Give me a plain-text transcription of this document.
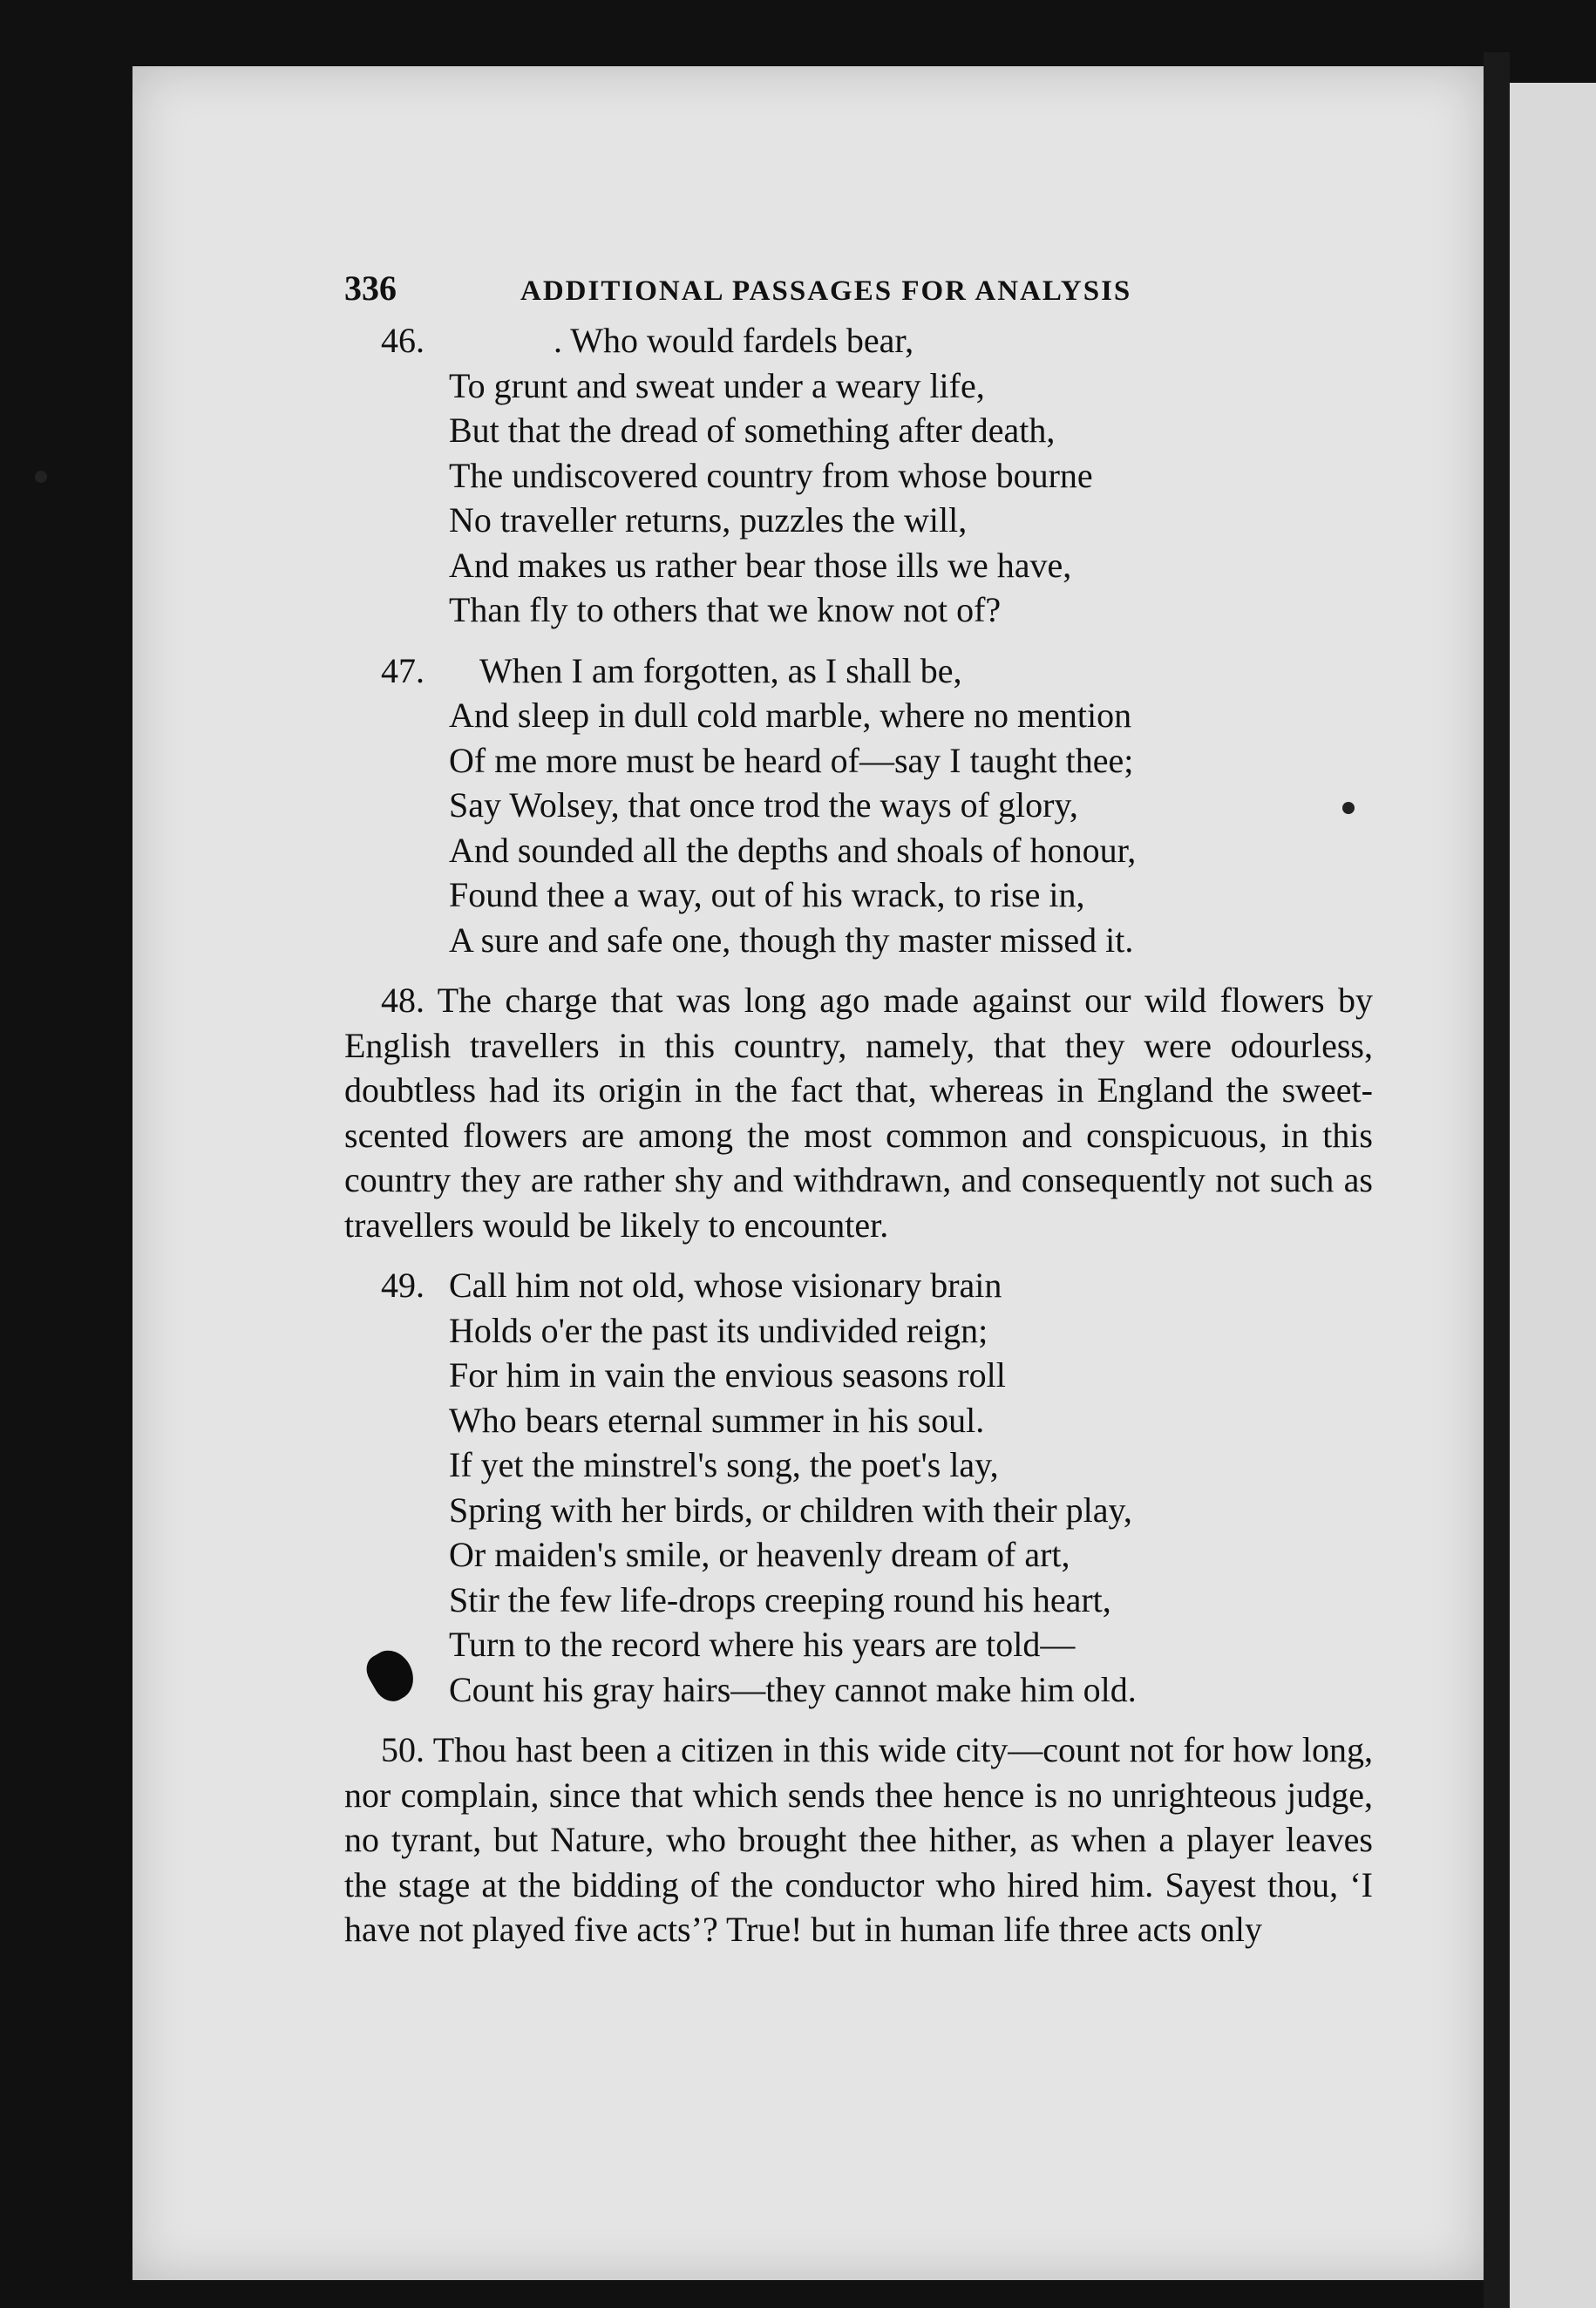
336	ADDITIONAL PASSAGES FOR ANALYSIS
46.	. Who would fardels bear,
To grunt and sweat under a weary life,
But that the dread of something after death,
The undiscovered country from whose bourne
No traveller returns, puzzles the will,
And makes us rather bear those ills we have,
Than fly to others that we know not of?
47. When I am forgotten, as I shall be,
And sleep in dull cold marble, where no mention
Of me more must be heard of—say I taught thee;
Say Wolsey, that once trod the ways of glory,
And sounded all the depths and shoals of honour,
Found thee a way, out of his wrack, to rise in,
A sure and safe one, though thy master missed it.

48. The charge that was long ago made against our wild flowers by English travellers in this country, namely, that they were odourless, doubtless had its origin in the fact that, whereas in England the sweet-scented flowers are among the most common and conspicuous, in this country they are rather shy and withdrawn, and consequently not such as travellers would be likely to encounter.

49. Call him not old, whose visionary brain
Holds o'er the past its undivided reign;
For him in vain the envious seasons roll
Who bears eternal summer in his soul.
If yet the minstrel's song, the poet's lay,
Spring with her birds, or children with their play,
Or maiden's smile, or heavenly dream of art,
Stir the few life-drops creeping round his heart,
Turn to the record where his years are told—
Count his gray hairs—they cannot make him old.

50. Thou hast been a citizen in this wide city—count not for how long, nor complain, since that which sends thee hence is no unrighteous judge, no tyrant, but Nature, who brought thee hither, as when a player leaves the stage at the bidding of the conductor who hired him. Sayest thou, ‘I have not played five acts’? True! but in human life three acts only
